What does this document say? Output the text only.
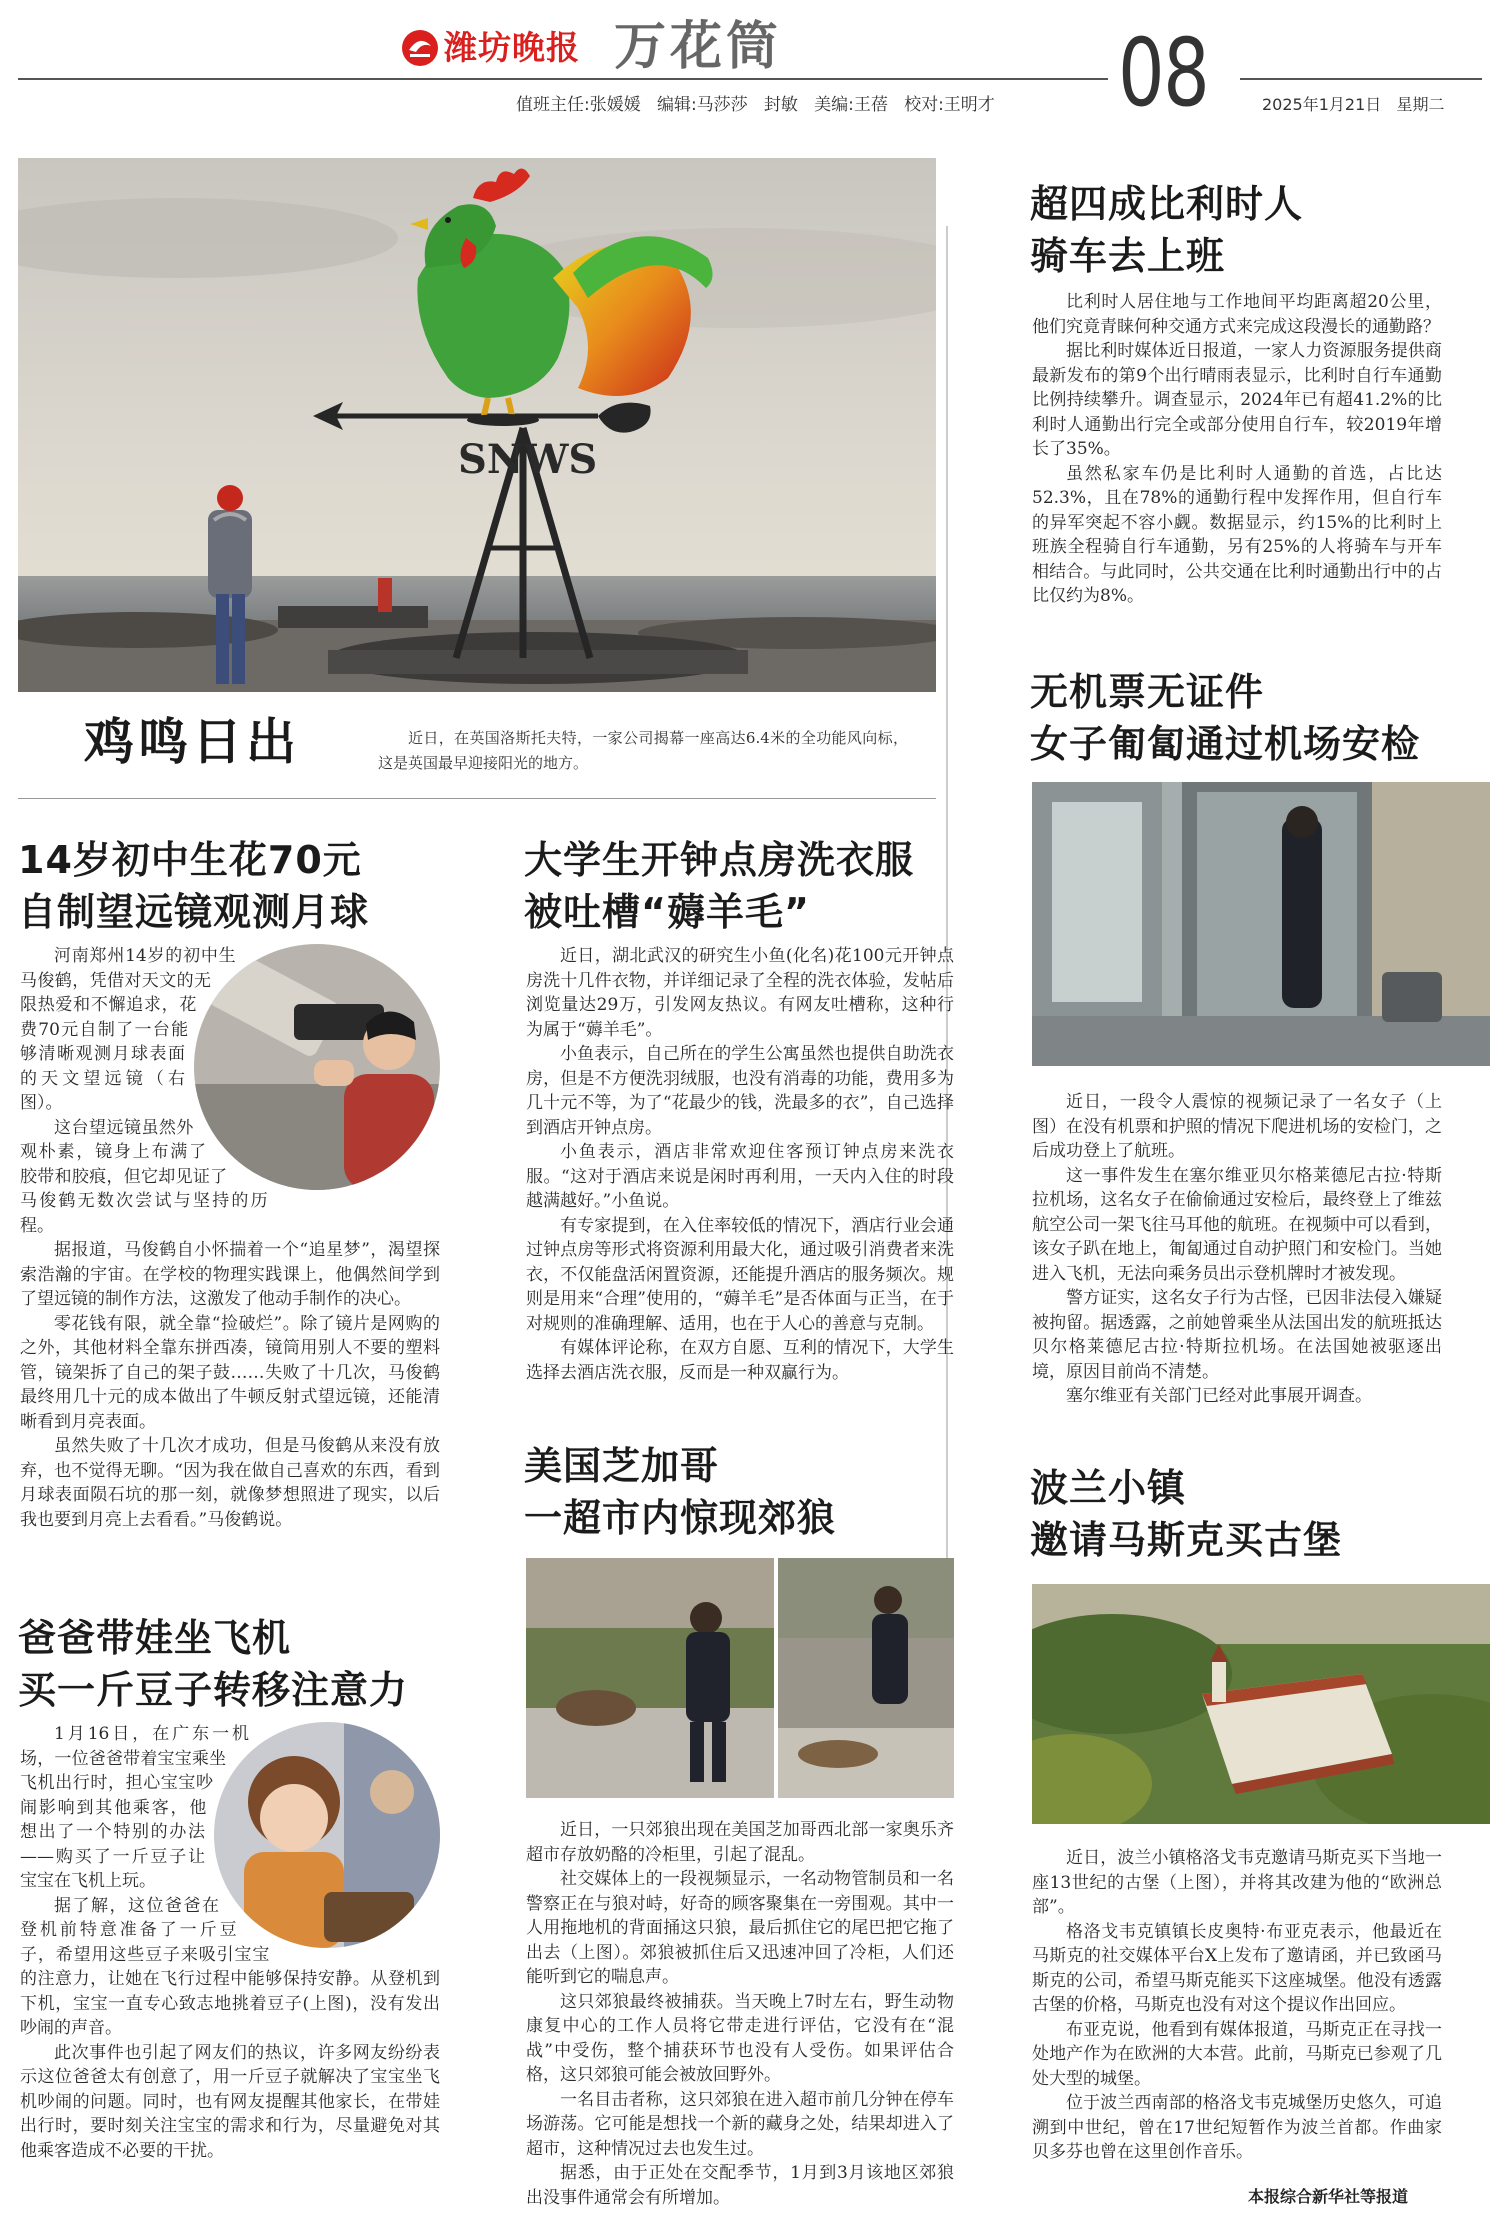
潍坊晚报 万花筒	08
值班主任:张媛媛 编辑:马莎莎 封敏 美编:王蓓 校对:王明才	2025年1月21日 星期二
SNWS
鸡鸣日出	近日，在英国洛斯托夫特，一家公司揭幕一座高达6.4米的全功能风向标，这是英国最早迎接阳光的地方。
超四成比利时人
骑车去上班

比利时人居住地与工作地间平均距离超20公里，他们究竟青睐何种交通方式来完成这段漫长的通勤路？

据比利时媒体近日报道，一家人力资源服务提供商最新发布的第9个出行晴雨表显示，比利时自行车通勤比例持续攀升。调查显示，2024年已有超41.2%的比利时人通勤出行完全或部分使用自行车，较2019年增长了35%。

虽然私家车仍是比利时人通勤的首选，占比达52.3%，且在78%的通勤行程中发挥作用，但自行车的异军突起不容小觑。数据显示，约15%的比利时上班族全程骑自行车通勤，另有25%的人将骑车与开车相结合。与此同时，公共交通在比利时通勤出行中的占比仅约为8%。

无机票无证件
女子匍匐通过机场安检

近日，一段令人震惊的视频记录了一名女子（上图）在没有机票和护照的情况下爬进机场的安检门，之后成功登上了航班。

这一事件发生在塞尔维亚贝尔格莱德尼古拉·特斯拉机场，这名女子在偷偷通过安检后，最终登上了维兹航空公司一架飞往马耳他的航班。在视频中可以看到，该女子趴在地上，匍匐通过自动护照门和安检门。当她进入飞机，无法向乘务员出示登机牌时才被发现。

警方证实，这名女子行为古怪，已因非法侵入嫌疑被拘留。据透露，之前她曾乘坐从法国出发的航班抵达贝尔格莱德尼古拉·特斯拉机场。在法国她被驱逐出境，原因目前尚不清楚。

塞尔维亚有关部门已经对此事展开调查。

波兰小镇
邀请马斯克买古堡

近日，波兰小镇格洛戈韦克邀请马斯克买下当地一座13世纪的古堡（上图），并将其改建为他的“欧洲总部”。

格洛戈韦克镇镇长皮奥特·布亚克表示，他最近在马斯克的社交媒体平台X上发布了邀请函，并已致函马斯克的公司，希望马斯克能买下这座城堡。他没有透露古堡的价格，马斯克也没有对这个提议作出回应。

布亚克说，他看到有媒体报道，马斯克正在寻找一处地产作为在欧洲的大本营。此前，马斯克已参观了几处大型的城堡。

位于波兰西南部的格洛戈韦克城堡历史悠久，可追溯到中世纪，曾在17世纪短暂作为波兰首都。作曲家贝多芬也曾在这里创作音乐。

本报综合新华社等报道
14岁初中生花70元
自制望远镜观测月球

河南郑州14岁的初中生马俊鹤，凭借对天文的无限热爱和不懈追求，花费70元自制了一台能够清晰观测月球表面的天文望远镜（右图）。

这台望远镜虽然外观朴素，镜身上布满了胶带和胶痕，但它却见证了马俊鹤无数次尝试与坚持的历程。

据报道，马俊鹤自小怀揣着一个“追星梦”，渴望探索浩瀚的宇宙。在学校的物理实践课上，他偶然间学到了望远镜的制作方法，这激发了他动手制作的决心。

零花钱有限，就全靠“捡破烂”。除了镜片是网购的之外，其他材料全靠东拼西凑，镜筒用别人不要的塑料管，镜架拆了自己的架子鼓……失败了十几次，马俊鹤最终用几十元的成本做出了牛顿反射式望远镜，还能清晰看到月亮表面。

虽然失败了十几次才成功，但是马俊鹤从来没有放弃，也不觉得无聊。“因为我在做自己喜欢的东西，看到月球表面陨石坑的那一刻，就像梦想照进了现实，以后我也要到月亮上去看看。”马俊鹤说。

爸爸带娃坐飞机
买一斤豆子转移注意力

1月16日，在广东一机场，一位爸爸带着宝宝乘坐飞机出行时，担心宝宝吵闹影响到其他乘客，他想出了一个特别的办法——购买了一斤豆子让宝宝在飞机上玩。

据了解，这位爸爸在登机前特意准备了一斤豆子，希望用这些豆子来吸引宝宝的注意力，让她在飞行过程中能够保持安静。从登机到下机，宝宝一直专心致志地挑着豆子(上图)，没有发出吵闹的声音。

此次事件也引起了网友们的热议，许多网友纷纷表示这位爸爸太有创意了，用一斤豆子就解决了宝宝坐飞机吵闹的问题。同时，也有网友提醒其他家长，在带娃出行时，要时刻关注宝宝的需求和行为，尽量避免对其他乘客造成不必要的干扰。

大学生开钟点房洗衣服
被吐槽“薅羊毛”

近日，湖北武汉的研究生小鱼(化名)花100元开钟点房洗十几件衣物，并详细记录了全程的洗衣体验，发帖后浏览量达29万，引发网友热议。有网友吐槽称，这种行为属于“薅羊毛”。

小鱼表示，自己所在的学生公寓虽然也提供自助洗衣房，但是不方便洗羽绒服，也没有消毒的功能，费用多为几十元不等，为了“花最少的钱，洗最多的衣”，自己选择到酒店开钟点房。

小鱼表示，酒店非常欢迎住客预订钟点房来洗衣服。“这对于酒店来说是闲时再利用，一天内入住的时段越满越好。”小鱼说。

有专家提到，在入住率较低的情况下，酒店行业会通过钟点房等形式将资源利用最大化，通过吸引消费者来洗衣，不仅能盘活闲置资源，还能提升酒店的服务频次。规则是用来“合理”使用的，“薅羊毛”是否体面与正当，在于对规则的准确理解、适用，也在于人心的善意与克制。

有媒体评论称，在双方自愿、互利的情况下，大学生选择去酒店洗衣服，反而是一种双赢行为。

美国芝加哥
一超市内惊现郊狼

近日，一只郊狼出现在美国芝加哥西北部一家奥乐齐超市存放奶酪的冷柜里，引起了混乱。

社交媒体上的一段视频显示，一名动物管制员和一名警察正在与狼对峙，好奇的顾客聚集在一旁围观。其中一人用拖地机的背面捅这只狼，最后抓住它的尾巴把它拖了出去（上图）。郊狼被抓住后又迅速冲回了冷柜，人们还能听到它的喘息声。

这只郊狼最终被捕获。当天晚上7时左右，野生动物康复中心的工作人员将它带走进行评估，它没有在“混战”中受伤，整个捕获环节也没有人受伤。如果评估合格，这只郊狼可能会被放回野外。

一名目击者称，这只郊狼在进入超市前几分钟在停车场游荡。它可能是想找一个新的藏身之处，结果却进入了超市，这种情况过去也发生过。

据悉，由于正处在交配季节，1月到3月该地区郊狼出没事件通常会有所增加。
